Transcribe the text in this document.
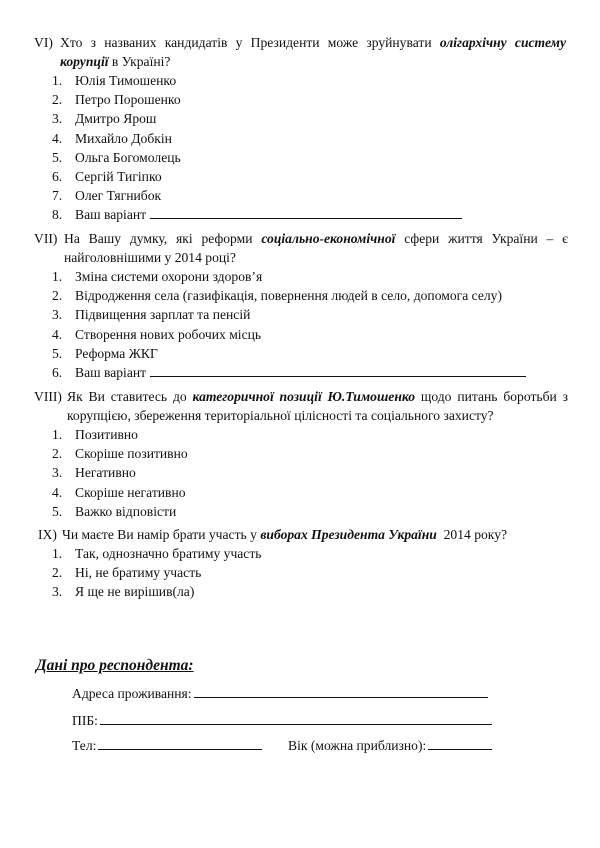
VI) Хто з названих кандидатів у Президенти може зруйнувати олігархічну систему корупції в Україні?
1. Юлія Тимошенко
2. Петро Порошенко
3. Дмитро Ярош
4. Михайло Добкін
5. Ольга Богомолець
6. Сергій Тигіпко
7. Олег Тягнибок
8. Ваш варіант
VII) На Вашу думку, які реформи соціально-економічної сфери життя України – є найголовнішими у 2014 році?
1. Зміна системи охорони здоров’я
2. Відродження села (газифікація, повернення людей в село, допомога селу)
3. Підвищення зарплат та пенсій
4. Створення нових робочих місць
5. Реформа ЖКГ
6. Ваш варіант
VIII) Як Ви ставитесь до категоричної позиції Ю.Тимошенко щодо питань боротьби з корупцією, збереження територіальної цілісності та соціального захисту?
1. Позитивно
2. Скоріше позитивно
3. Негативно
4. Скоріше негативно
5. Важко відповісти
IX) Чи маєте Ви намір брати участь у виборах Президента України  2014 року?
1. Так, однозначно братиму участь
2. Ні, не братиму участь
3. Я ще не вирішив(ла)
Дані про респондента:
Адреса проживання:
ПІБ:
Тел:	Вік (можна приблизно):
